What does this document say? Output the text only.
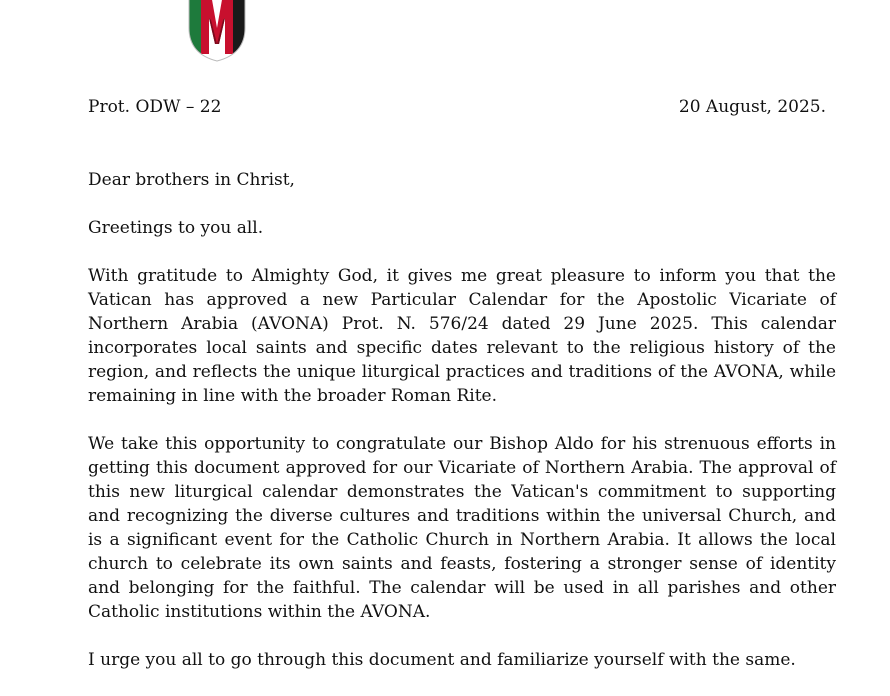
Prot. ODW – 22	20 August, 2025.

Dear brothers in Christ,

Greetings to you all.

With gratitude to Almighty God, it gives me great pleasure to inform you that the Vatican has approved a new Particular Calendar for the Apostolic Vicariate of Northern Arabia (AVONA) Prot. N. 576/24 dated 29 June 2025. This calendar incorporates local saints and specific dates relevant to the religious history of the region, and reflects the unique liturgical practices and traditions of the AVONA, while remaining in line with the broader Roman Rite.

We take this opportunity to congratulate our Bishop Aldo for his strenuous efforts in getting this document approved for our Vicariate of Northern Arabia. The approval of this new liturgical calendar demonstrates the Vatican's commitment to supporting and recognizing the diverse cultures and traditions within the universal Church, and is a significant event for the Catholic Church in Northern Arabia. It allows the local church to celebrate its own saints and feasts, fostering a stronger sense of identity and belonging for the faithful. The calendar will be used in all parishes and other Catholic institutions within the AVONA.

I urge you all to go through this document and familiarize yourself with the same.
